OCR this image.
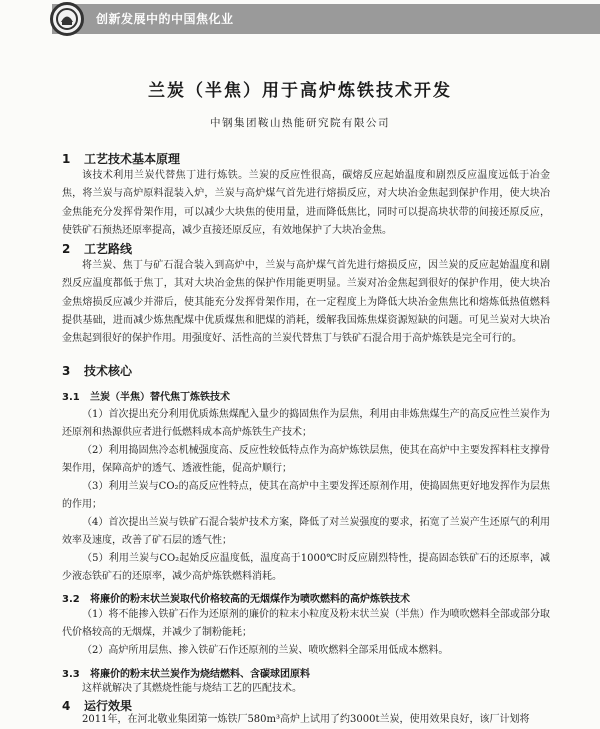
创新发展中的中国焦化业
兰炭（半焦）用于高炉炼铁技术开发
中钢集团鞍山热能研究院有限公司
1 工艺技术基本原理

该技术利用兰炭代替焦丁进行炼铁。兰炭的反应性很高，碳熔反应起始温度和剧烈反应温度远低于冶金焦，将兰炭与高炉原料混装入炉，兰炭与高炉煤气首先进行熔损反应，对大块冶金焦起到保护作用，使大块冶金焦能充分发挥骨架作用，可以减少大块焦的使用量，进而降低焦比，同时可以提高块状带的间接还原反应，使铁矿石预热还原率提高，减少直接还原反应，有效地保护了大块冶金焦。

2 工艺路线

将兰炭、焦丁与矿石混合装入到高炉中，兰炭与高炉煤气首先进行熔损反应，因兰炭的反应起始温度和剧烈反应温度都低于焦丁，其对大块冶金焦的保护作用能更明显。兰炭对冶金焦起到很好的保护作用，使大块冶金焦熔损反应减少并滞后，使其能充分发挥骨架作用，在一定程度上为降低大块冶金焦焦比和熔炼低热值燃料提供基础，进而减少炼焦配煤中优质煤焦和肥煤的消耗，缓解我国炼焦煤资源短缺的问题。可见兰炭对大块冶金焦起到很好的保护作用。用强度好、活性高的兰炭代替焦丁与铁矿石混合用于高炉炼铁是完全可行的。

3 技术核心
3.1 兰炭（半焦）替代焦丁炼铁技术

（1）首次提出充分利用优质炼焦煤配入量少的捣固焦作为层焦，利用由非炼焦煤生产的高反应性兰炭作为还原剂和热源供应者进行低燃料成本高炉炼铁生产技术；

（2）利用捣固焦冷态机械强度高、反应性较低特点作为高炉炼铁层焦，使其在高炉中主要发挥料柱支撑骨架作用，保障高炉的透气、透液性能，促高炉顺行；

（3）利用兰炭与CO₂的高反应性特点，使其在高炉中主要发挥还原剂作用，使捣固焦更好地发挥作为层焦的作用；

（4）首次提出兰炭与铁矿石混合装炉技术方案，降低了对兰炭强度的要求，拓宽了兰炭产生还原气的利用效率及速度，改善了矿石层的透气性；

（5）利用兰炭与CO₂起始反应温度低，温度高于1000℃时反应剧烈特性，提高固态铁矿石的还原率，减少液态铁矿石的还原率，减少高炉炼铁燃料消耗。

3.2 将廉价的粉末状兰炭取代价格较高的无烟煤作为喷吹燃料的高炉炼铁技术

（1）将不能掺入铁矿石作为还原剂的廉价的粒末小粒度及粉末状兰炭（半焦）作为喷吹燃料全部或部分取代价格较高的无烟煤，并减少了制粉能耗；

（2）高炉所用层焦、掺入铁矿石作还原剂的兰炭、喷吹燃料全部采用低成本燃料。

3.3 将廉价的粉末状兰炭作为烧结燃料、含碳球团原料

这样就解决了其燃烧性能与烧结工艺的匹配技术。

4 运行效果

2011年，在河北敬业集团第一炼铁厂580m³高炉上试用了约3000t兰炭，使用效果良好，该厂计划将
